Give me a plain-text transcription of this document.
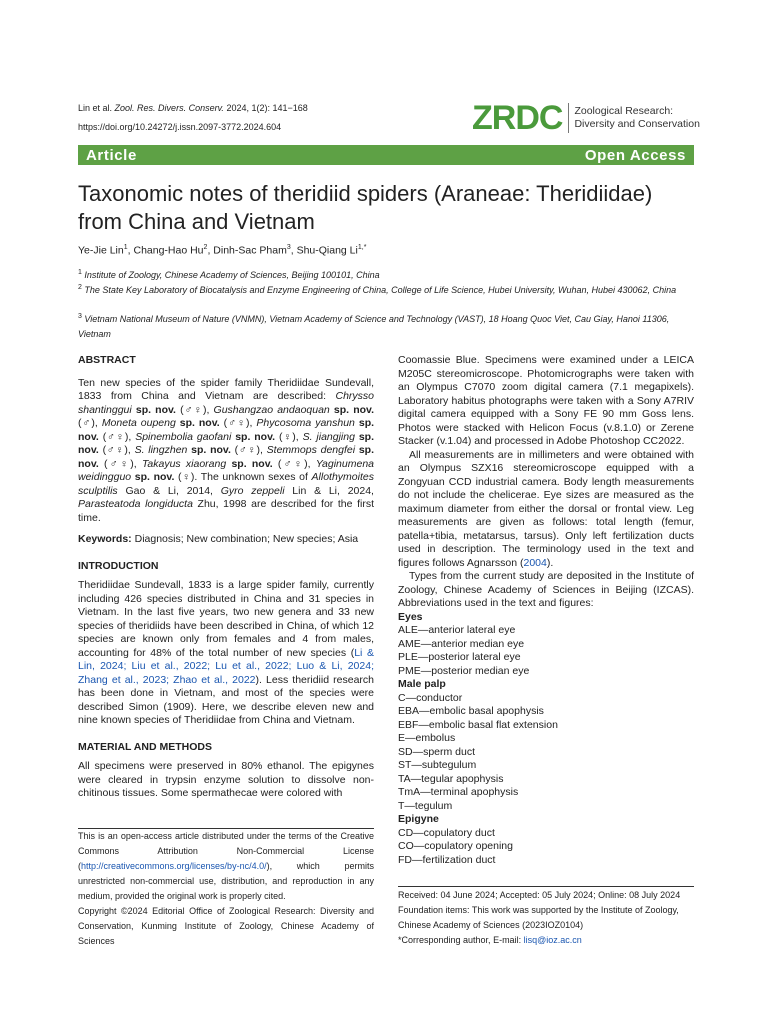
Lin et al. Zool. Res. Divers. Conserv. 2024, 1(2): 141−168
https://doi.org/10.24272/j.issn.2097-3772.2024.604	ZRDC Zoological Research:
Diversity and Conservation
Article	Open Access
Taxonomic notes of theridiid spiders (Araneae: Theridiidae) from China and Vietnam
Ye-Jie Lin$^1$, Chang-Hao Hu$^2$, Dinh-Sac Pham$^3$, Shu-Qiang $Li^{1,*}$
$^1$ Institute of Zoology, Chinese Academy of Sciences, Beijing 100101, China
$^2$ The State Key Laboratory of Biocatalysis and Enzyme Engineering of China, College of Life Science, Hubei University, Wuhan, Hubei 430062, China
$^3$ Vietnam National Museum of Nature (VNMN), Vietnam Academy of Science and Technology (VAST), 18 Hoang Quoc Viet, Cau Giay, Hanoi 11306, Vietnam

ABSTRACT

Ten new species of the spider family Theridiidae Sundevall, 1833 from China and Vietnam are described: Chrysso shantinggui sp. nov. (♂♀), Gushangzao andaoquan sp. nov. (♂), Moneta oupeng sp. nov. (♂♀), Phycosoma yanshun sp. nov. (♂♀), Spinembolia gaofani sp. nov. (♀), S. jiangjing sp. nov. (♂♀), S. lingzhen sp. nov. (♂♀), Stemmops dengfei sp. nov. (♂♀), Takayus xiaorang sp. nov. (♂♀), Yaginumena weidingguo sp. nov. (♀). The unknown sexes of Allothymoites sculptilis Gao & Li, 2014, Gyro zeppeli Lin & Li, 2024, Parasteatoda longiducta Zhu, 1998 are described for the first time.

Keywords: Diagnosis; New combination; New species; Asia

INTRODUCTION

Theridiidae Sundevall, 1833 is a large spider family, currently including 426 species distributed in China and 31 species in Vietnam. In the last five years, two new genera and 33 new species of theridiids have been described in China, of which 12 species are known only from females and 4 from males, accounting for 48% of the total number of new species (Li & Lin, 2024; Liu et al., 2022; Lu et al., 2022; Luo & Li, 2024; Zhang et al., 2023; Zhao et al., 2022). Less theridiid research has been done in Vietnam, and most of the species were described Simon (1909). Here, we describe eleven new and nine known species of Theridiidae from China and Vietnam.

MATERIAL AND METHODS

All specimens were preserved in 80% ethanol. The epigynes were cleared in trypsin enzyme solution to dissolve non-chitinous tissues. Some spermathecae were colored with

This is an open-access article distributed under the terms of the Creative Commons Attribution Non-Commercial License (http://creativecommons.org/licenses/by-nc/4.0/), which permits unrestricted non-commercial use, distribution, and reproduction in any medium, provided the original work is properly cited.

Copyright ©2024 Editorial Office of Zoological Research: Diversity and Conservation, Kunming Institute of Zoology, Chinese Academy of Sciences

Coomassie Blue. Specimens were examined under a LEICA M205C stereomicroscope. Photomicrographs were taken with an Olympus C7070 zoom digital camera (7.1 megapixels). Laboratory habitus photographs were taken with a Sony A7RIV digital camera equipped with a Sony FE 90 mm Goss lens. Photos were stacked with Helicon Focus (v.8.1.0) or Zerene Stacker (v.1.04) and processed in Adobe Photoshop CC2022.

All measurements are in millimeters and were obtained with an Olympus SZX16 stereomicroscope equipped with a Zongyuan CCD industrial camera. Body length measurements do not include the chelicerae. Eye sizes are measured as the maximum diameter from either the dorsal or frontal view. Leg measurements are given as follows: total length (femur, patella+tibia, metatarsus, tarsus). Only left fertilization ducts used in description. The terminology used in the text and figures follows Agnarsson (2004).

Types from the current study are deposited in the Institute of Zoology, Chinese Academy of Sciences in Beijing (IZCAS). Abbreviations used in the text and figures:

Eyes

ALE—anterior lateral eye

AME—anterior median eye

PLE—posterior lateral eye

PME—posterior median eye

Male palp

C—conductor

EBA—embolic basal apophysis

EBF—embolic basal flat extension

E—embolus

SD—sperm duct

ST—subtegulum

TA—tegular apophysis

TmA—terminal apophysis

T—tegulum

Epigyne

CD—copulatory duct

CO—copulatory opening

FD—fertilization duct

Received: 04 June 2024; Accepted: 05 July 2024; Online: 08 July 2024

Foundation items: This work was supported by the Institute of Zoology, Chinese Academy of Sciences (2023IOZ0104)

*Corresponding author, E-mail: lisq@ioz.ac.cn
